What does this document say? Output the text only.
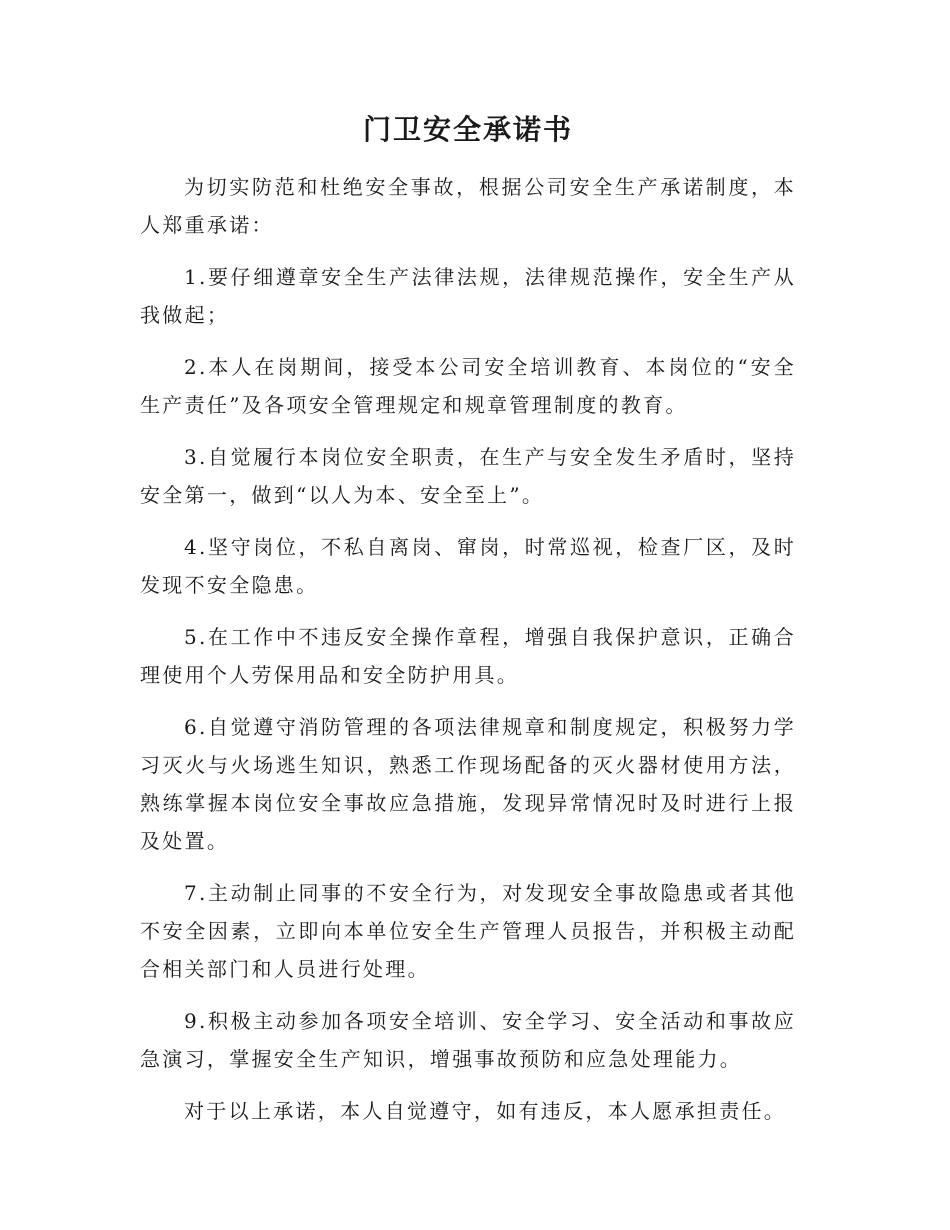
门卫安全承诺书

为切实防范和杜绝安全事故，根据公司安全生产承诺制度，本人郑重承诺：

1.要仔细遵章安全生产法律法规，法律规范操作，安全生产从我做起；

2.本人在岗期间，接受本公司安全培训教育、本岗位的“安全生产责任”及各项安全管理规定和规章管理制度的教育。

3.自觉履行本岗位安全职责，在生产与安全发生矛盾时，坚持安全第一，做到“以人为本、安全至上”。

4.坚守岗位，不私自离岗、窜岗，时常巡视，检查厂区，及时发现不安全隐患。

5.在工作中不违反安全操作章程，增强自我保护意识，正确合理使用个人劳保用品和安全防护用具。

6.自觉遵守消防管理的各项法律规章和制度规定，积极努力学习灭火与火场逃生知识，熟悉工作现场配备的灭火器材使用方法，熟练掌握本岗位安全事故应急措施，发现异常情况时及时进行上报及处置。

7.主动制止同事的不安全行为，对发现安全事故隐患或者其他不安全因素，立即向本单位安全生产管理人员报告，并积极主动配合相关部门和人员进行处理。

9.积极主动参加各项安全培训、安全学习、安全活动和事故应急演习，掌握安全生产知识，增强事故预防和应急处理能力。

对于以上承诺，本人自觉遵守，如有违反，本人愿承担责任。
